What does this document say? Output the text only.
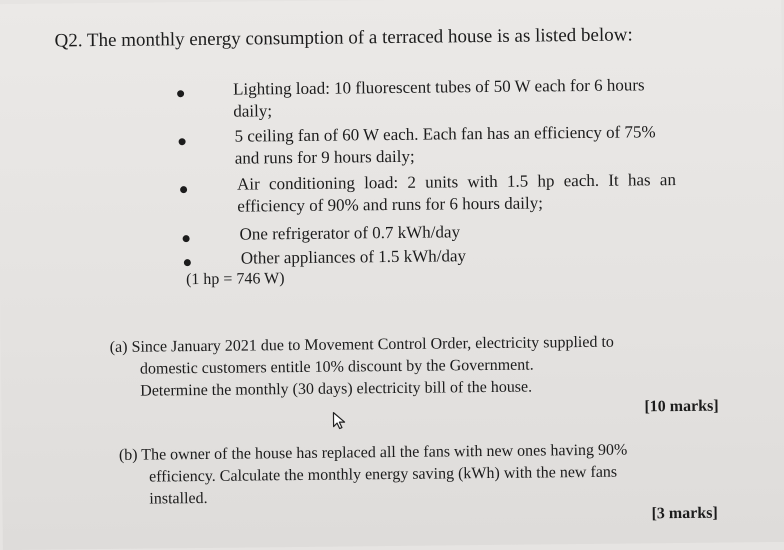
Q2. The monthly energy consumption of a terraced house is as listed below:
Lighting load: 10 fluorescent tubes of 50 W each for 6 hours
daily;
5 ceiling fan of 60 W each. Each fan has an efficiency of 75%
and runs for 9 hours daily;
Air conditioning load: 2 units with 1.5 hp each. It has an
efficiency of 90% and runs for 6 hours daily;
One refrigerator of 0.7 kWh/day
Other appliances of 1.5 kWh/day
(1 hp = 746 W)
(a) Since January 2021 due to Movement Control Order, electricity supplied to
domestic customers entitle 10% discount by the Government.
Determine the monthly (30 days) electricity bill of the house.
[10 marks]
(b) The owner of the house has replaced all the fans with new ones having 90%
efficiency. Calculate the monthly energy saving (kWh) with the new fans
installed.
[3 marks]
